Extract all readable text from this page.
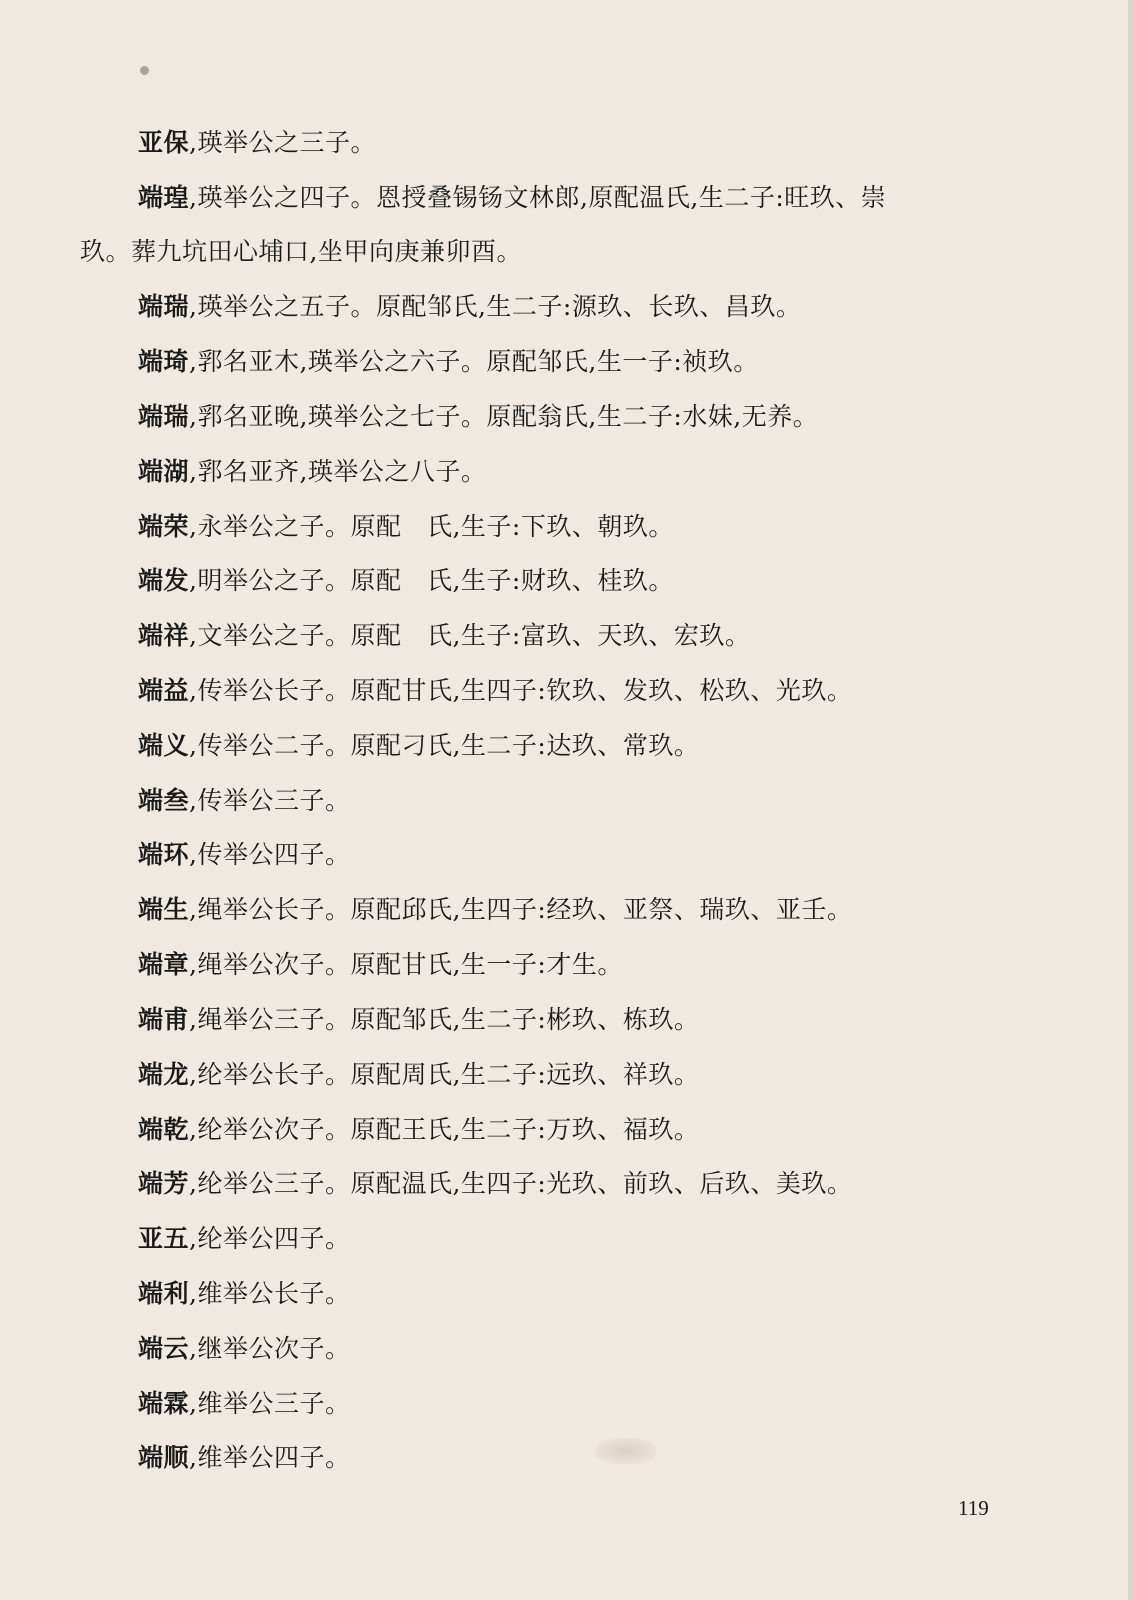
亚保,瑛举公之三子。
端瑝,瑛举公之四子。恩授叠锡钖文林郎,原配温氏,生二子:旺玖、崇
玖。葬九坑田心埔口,坐甲向庚兼卯酉。
端瑞,瑛举公之五子。原配邹氏,生二子:源玖、长玖、昌玖。
端琦,郛名亚木,瑛举公之六子。原配邹氏,生一子:祯玖。
端瑞,郛名亚晚,瑛举公之七子。原配翁氏,生二子:水妹,无养。
端湖,郛名亚齐,瑛举公之八子。
端荣,永举公之子。原配　氏,生子:下玖、朝玖。
端发,明举公之子。原配　氏,生子:财玖、桂玖。
端祥,文举公之子。原配　氏,生子:富玖、天玖、宏玖。
端益,传举公长子。原配甘氏,生四子:钦玖、发玖、松玖、光玖。
端义,传举公二子。原配刁氏,生二子:达玖、常玖。
端叁,传举公三子。
端环,传举公四子。
端生,绳举公长子。原配邱氏,生四子:经玖、亚祭、瑞玖、亚壬。
端章,绳举公次子。原配甘氏,生一子:才生。
端甫,绳举公三子。原配邹氏,生二子:彬玖、栋玖。
端龙,纶举公长子。原配周氏,生二子:远玖、祥玖。
端乾,纶举公次子。原配王氏,生二子:万玖、福玖。
端芳,纶举公三子。原配温氏,生四子:光玖、前玖、后玖、美玖。
亚五,纶举公四子。
端利,维举公长子。
端云,继举公次子。
端霖,维举公三子。
端顺,维举公四子。
119
